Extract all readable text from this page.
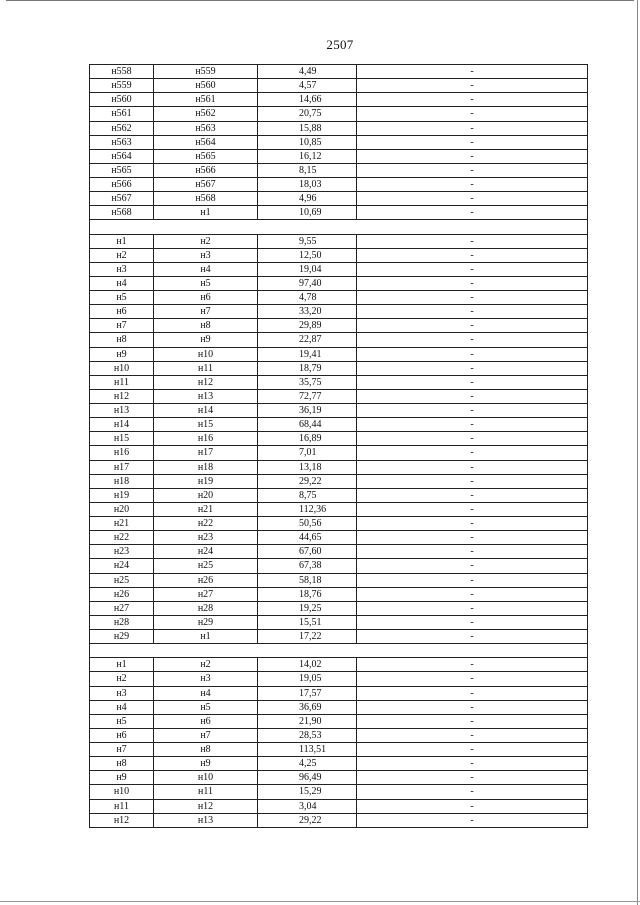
2507
н558	н559	4,49	-
н559	н560	4,57	-
н560	н561	14,66	-
н561	н562	20,75	-
н562	н563	15,88	-
н563	н564	10,85	-
н564	н565	16,12	-
н565	н566	8,15	-
н566	н567	18,03	-
н567	н568	4,96	-
н568	н1	10,69	-

н1	н2	9,55	-
н2	н3	12,50	-
н3	н4	19,04	-
н4	н5	97,40	-
н5	н6	4,78	-
н6	н7	33,20	-
н7	н8	29,89	-
н8	н9	22,87	-
н9	н10	19,41	-
н10	н11	18,79	-
н11	н12	35,75	-
н12	н13	72,77	-
н13	н14	36,19	-
н14	н15	68,44	-
н15	н16	16,89	-
н16	н17	7,01	-
н17	н18	13,18	-
н18	н19	29,22	-
н19	н20	8,75	-
н20	н21	112,36	-
н21	н22	50,56	-
н22	н23	44,65	-
н23	н24	67,60	-
н24	н25	67,38	-
н25	н26	58,18	-
н26	н27	18,76	-
н27	н28	19,25	-
н28	н29	15,51	-
н29	н1	17,22	-

н1	н2	14,02	-
н2	н3	19,05	-
н3	н4	17,57	-
н4	н5	36,69	-
н5	н6	21,90	-
н6	н7	28,53	-
н7	н8	113,51	-
н8	н9	4,25	-
н9	н10	96,49	-
н10	н11	15,29	-
н11	н12	3,04	-
н12	н13	29,22	-
